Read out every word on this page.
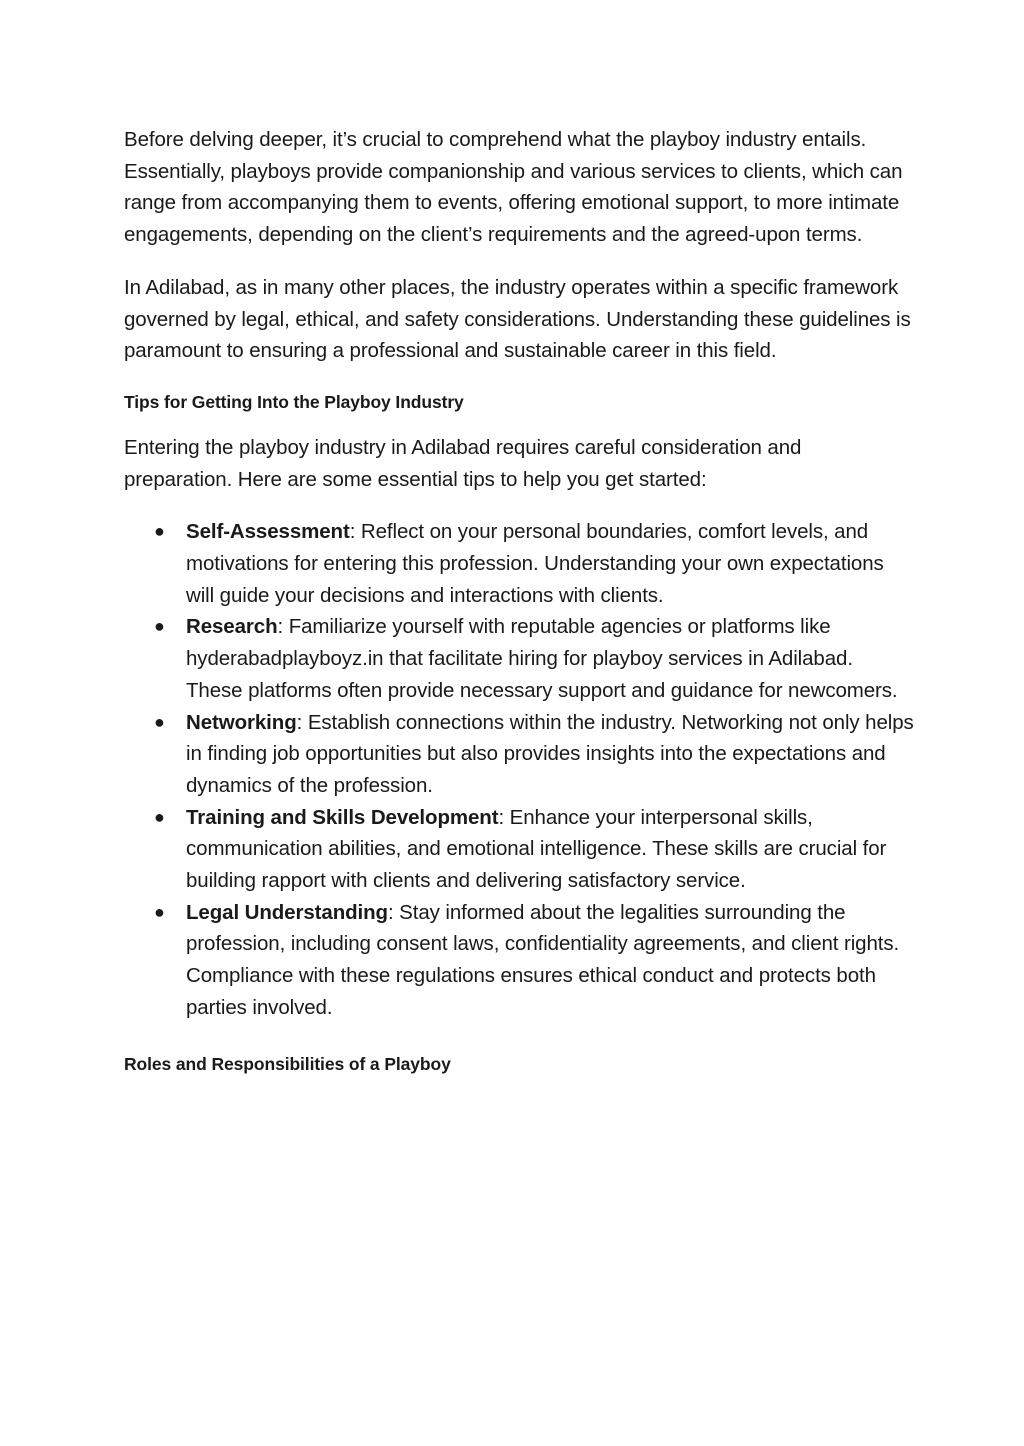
Before delving deeper, it’s crucial to comprehend what the playboy industry entails. Essentially, playboys provide companionship and various services to clients, which can range from accompanying them to events, offering emotional support, to more intimate engagements, depending on the client’s requirements and the agreed-upon terms.

In Adilabad, as in many other places, the industry operates within a specific framework governed by legal, ethical, and safety considerations. Understanding these guidelines is paramount to ensuring a professional and sustainable career in this field.

Tips for Getting Into the Playboy Industry

Entering the playboy industry in Adilabad requires careful consideration and preparation. Here are some essential tips to help you get started:

● Self-Assessment: Reflect on your personal boundaries, comfort levels, and motivations for entering this profession. Understanding your own expectations will guide your decisions and interactions with clients.
● Research: Familiarize yourself with reputable agencies or platforms like hyderabadplayboyz.in that facilitate hiring for playboy services in Adilabad. These platforms often provide necessary support and guidance for newcomers.
● Networking: Establish connections within the industry. Networking not only helps in finding job opportunities but also provides insights into the expectations and dynamics of the profession.
● Training and Skills Development: Enhance your interpersonal skills, communication abilities, and emotional intelligence. These skills are crucial for building rapport with clients and delivering satisfactory service.
● Legal Understanding: Stay informed about the legalities surrounding the profession, including consent laws, confidentiality agreements, and client rights. Compliance with these regulations ensures ethical conduct and protects both parties involved.
Roles and Responsibilities of a Playboy
